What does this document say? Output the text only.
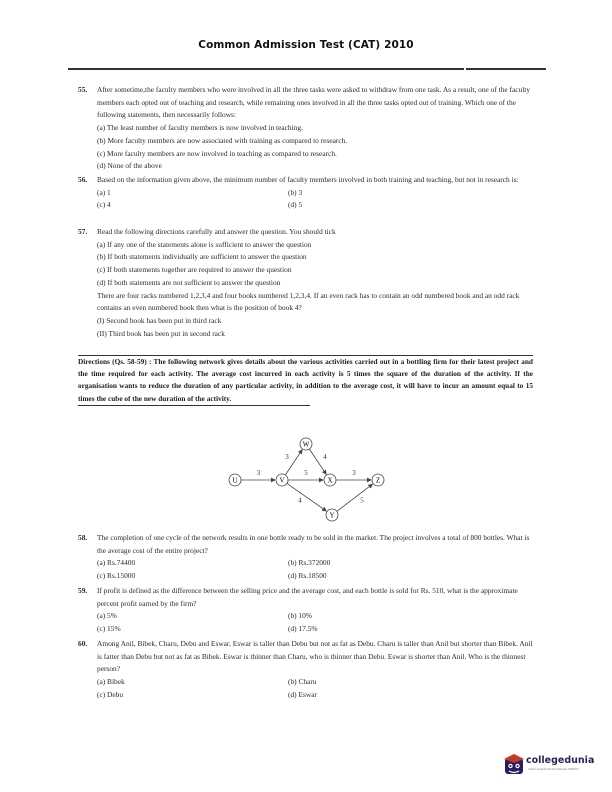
Common Admission Test (CAT) 2010
55. After sometime,the faculty members who were involved in all the three tasks were asked to withdraw from one task. As a result, one of the faculty members each opted out of teaching and research, while remaining ones involved in all the three tasks opted out of training. Which one of the following statements, then necessarily follows:
(a) The least number of faculty members is now involved in teaching.
(b) More faculty members are now associated with training as compared to research.
(c) More faculty members are now involved in teaching as compared to research.
(d) None of the above
56. Based on the information given above, the minimum number of faculty members involved in both training and teaching, but not in research is:
(a) 1	(b) 3
(c) 4	(d) 5
57. Read the following directions carefully and answer the question. You should tick
(a) If any one of the statements alone is sufficient to answer the question
(b) If both statements individually are sufficient to answer the question
(c) If both statements together are required to answer the question
(d) If both statements are not sufficient to answer the question
There are four racks numbered 1,2,3,4 and four books numbered 1,2,3,4. If an even rack has to contain an odd numbered book and an odd rack contains an even numbered book then what is the position of book 4?
(I) Second book has been put in third rack
(II) Third book has been put in second rack
Directions (Qs. 58-59) : The following network gives details about the various activities carried out in a bottling firm for their latest project and the time required for each activity. The average cost incurred in each activity is 5 times the square of the duration of the activity. If the organisation wants to reduce the duration of any particular activity, in addition to the average cost, it will have to incur an amount equal to 15 times the cube of the new duration of the activity.
3
3	4
5
4
3
5
U	V
W
X
Y
Z
58. The completion of one cycle of the network results in one bottle ready to be sold in the market. The project involves a total of 800 bottles. What is the average cost of the entire project?
(a) Rs.74400	(b) Rs.372000
(c) Rs.15000	(d) Rs.18500
59. If profit is defined as the difference between the selling price and the average cost, and each bottle is sold for Rs. 510, what is the approximate percent profit earned by the firm?
(a) 5%	(b) 10%
(c) 15%	(d) 17.5%
60. Among Anil, Bibek, Charu, Debu and Eswar, Eswar is taller than Debu but not as fat as Debu. Charu is taller than Anil but shorter than Bibek. Anil is fatter than Debu but not as fat as Bibek. Eswar is thinner than Charu, who is thinner than Debu. Eswar is shorter than Anil. Who is the thinnest person?
(a) Bibek	(b) Charu
(c) Debu	(d) Eswar
collegedunia
India's largest Student Review Platform
